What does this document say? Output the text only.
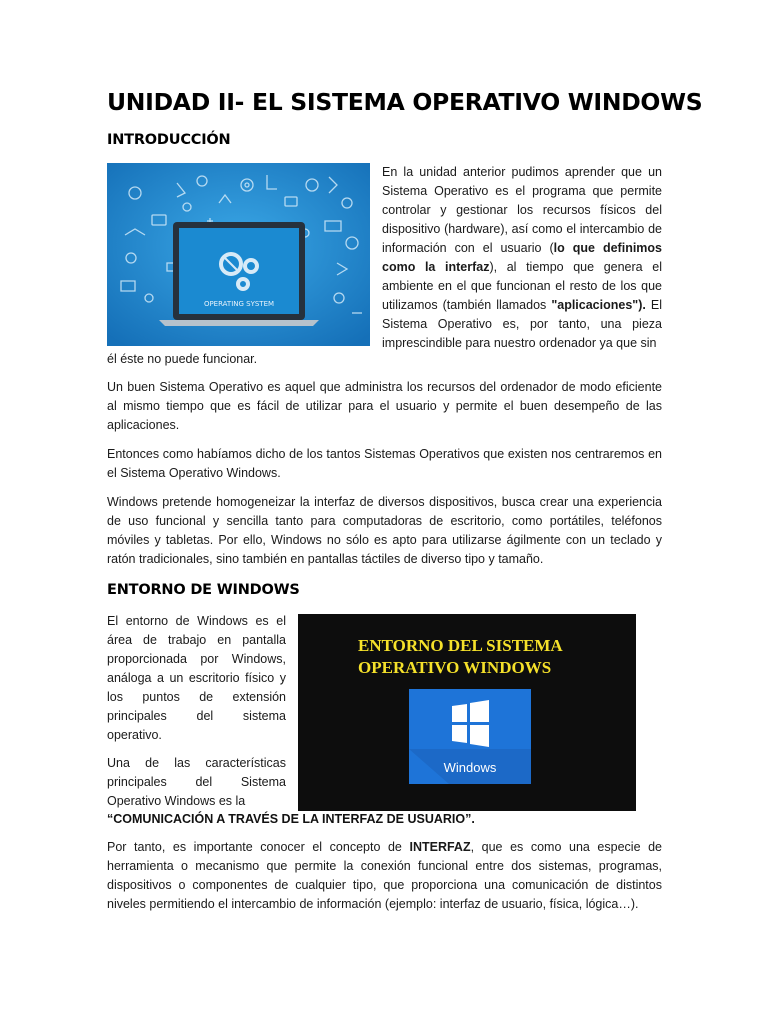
UNIDAD II- EL SISTEMA OPERATIVO WINDOWS
INTRODUCCIÓN
OPERATING SYSTEM

En la unidad anterior pudimos aprender que un Sistema Operativo es el programa que permite controlar y gestionar los recursos físicos del dispositivo (hardware), así como el intercambio de información con el usuario (lo que definimos como la interfaz), al tiempo que genera el ambiente en el que funcionan el resto de los que utilizamos (también llamados "aplicaciones"). El Sistema Operativo es, por tanto, una pieza imprescindible para nuestro ordenador ya que sin

él éste no puede funcionar.

Un buen Sistema Operativo es aquel que administra los recursos del ordenador de modo eficiente al mismo tiempo que es fácil de utilizar para el usuario y permite el buen desempeño de las aplicaciones.

Entonces como habíamos dicho de los tantos Sistemas Operativos que existen nos centraremos en el Sistema Operativo Windows.

Windows pretende homogeneizar la interfaz de diversos dispositivos, busca crear una experiencia de uso funcional y sencilla tanto para computadoras de escritorio, como portátiles, teléfonos móviles y tabletas. Por ello, Windows no sólo es apto para utilizarse ágilmente con un teclado y ratón tradicionales, sino también en pantallas táctiles de diverso tipo y tamaño.

ENTORNO DE WINDOWS

El entorno de Windows es el área de trabajo en pantalla proporcionada por Windows, análoga a un escritorio físico y los puntos de extensión principales del sistema operativo.

Una de las características principales del Sistema Operativo Windows es la

ENTORNO DEL SISTEMA OPERATIVO WINDOWS
Windows
“COMUNICACIÓN A TRAVÉS DE LA INTERFAZ DE USUARIO”.

Por tanto, es importante conocer el concepto de INTERFAZ, que es como una especie de herramienta o mecanismo que permite la conexión funcional entre dos sistemas, programas, dispositivos o componentes de cualquier tipo, que proporciona una comunicación de distintos niveles permitiendo el intercambio de información (ejemplo: interfaz de usuario, física, lógica…).
